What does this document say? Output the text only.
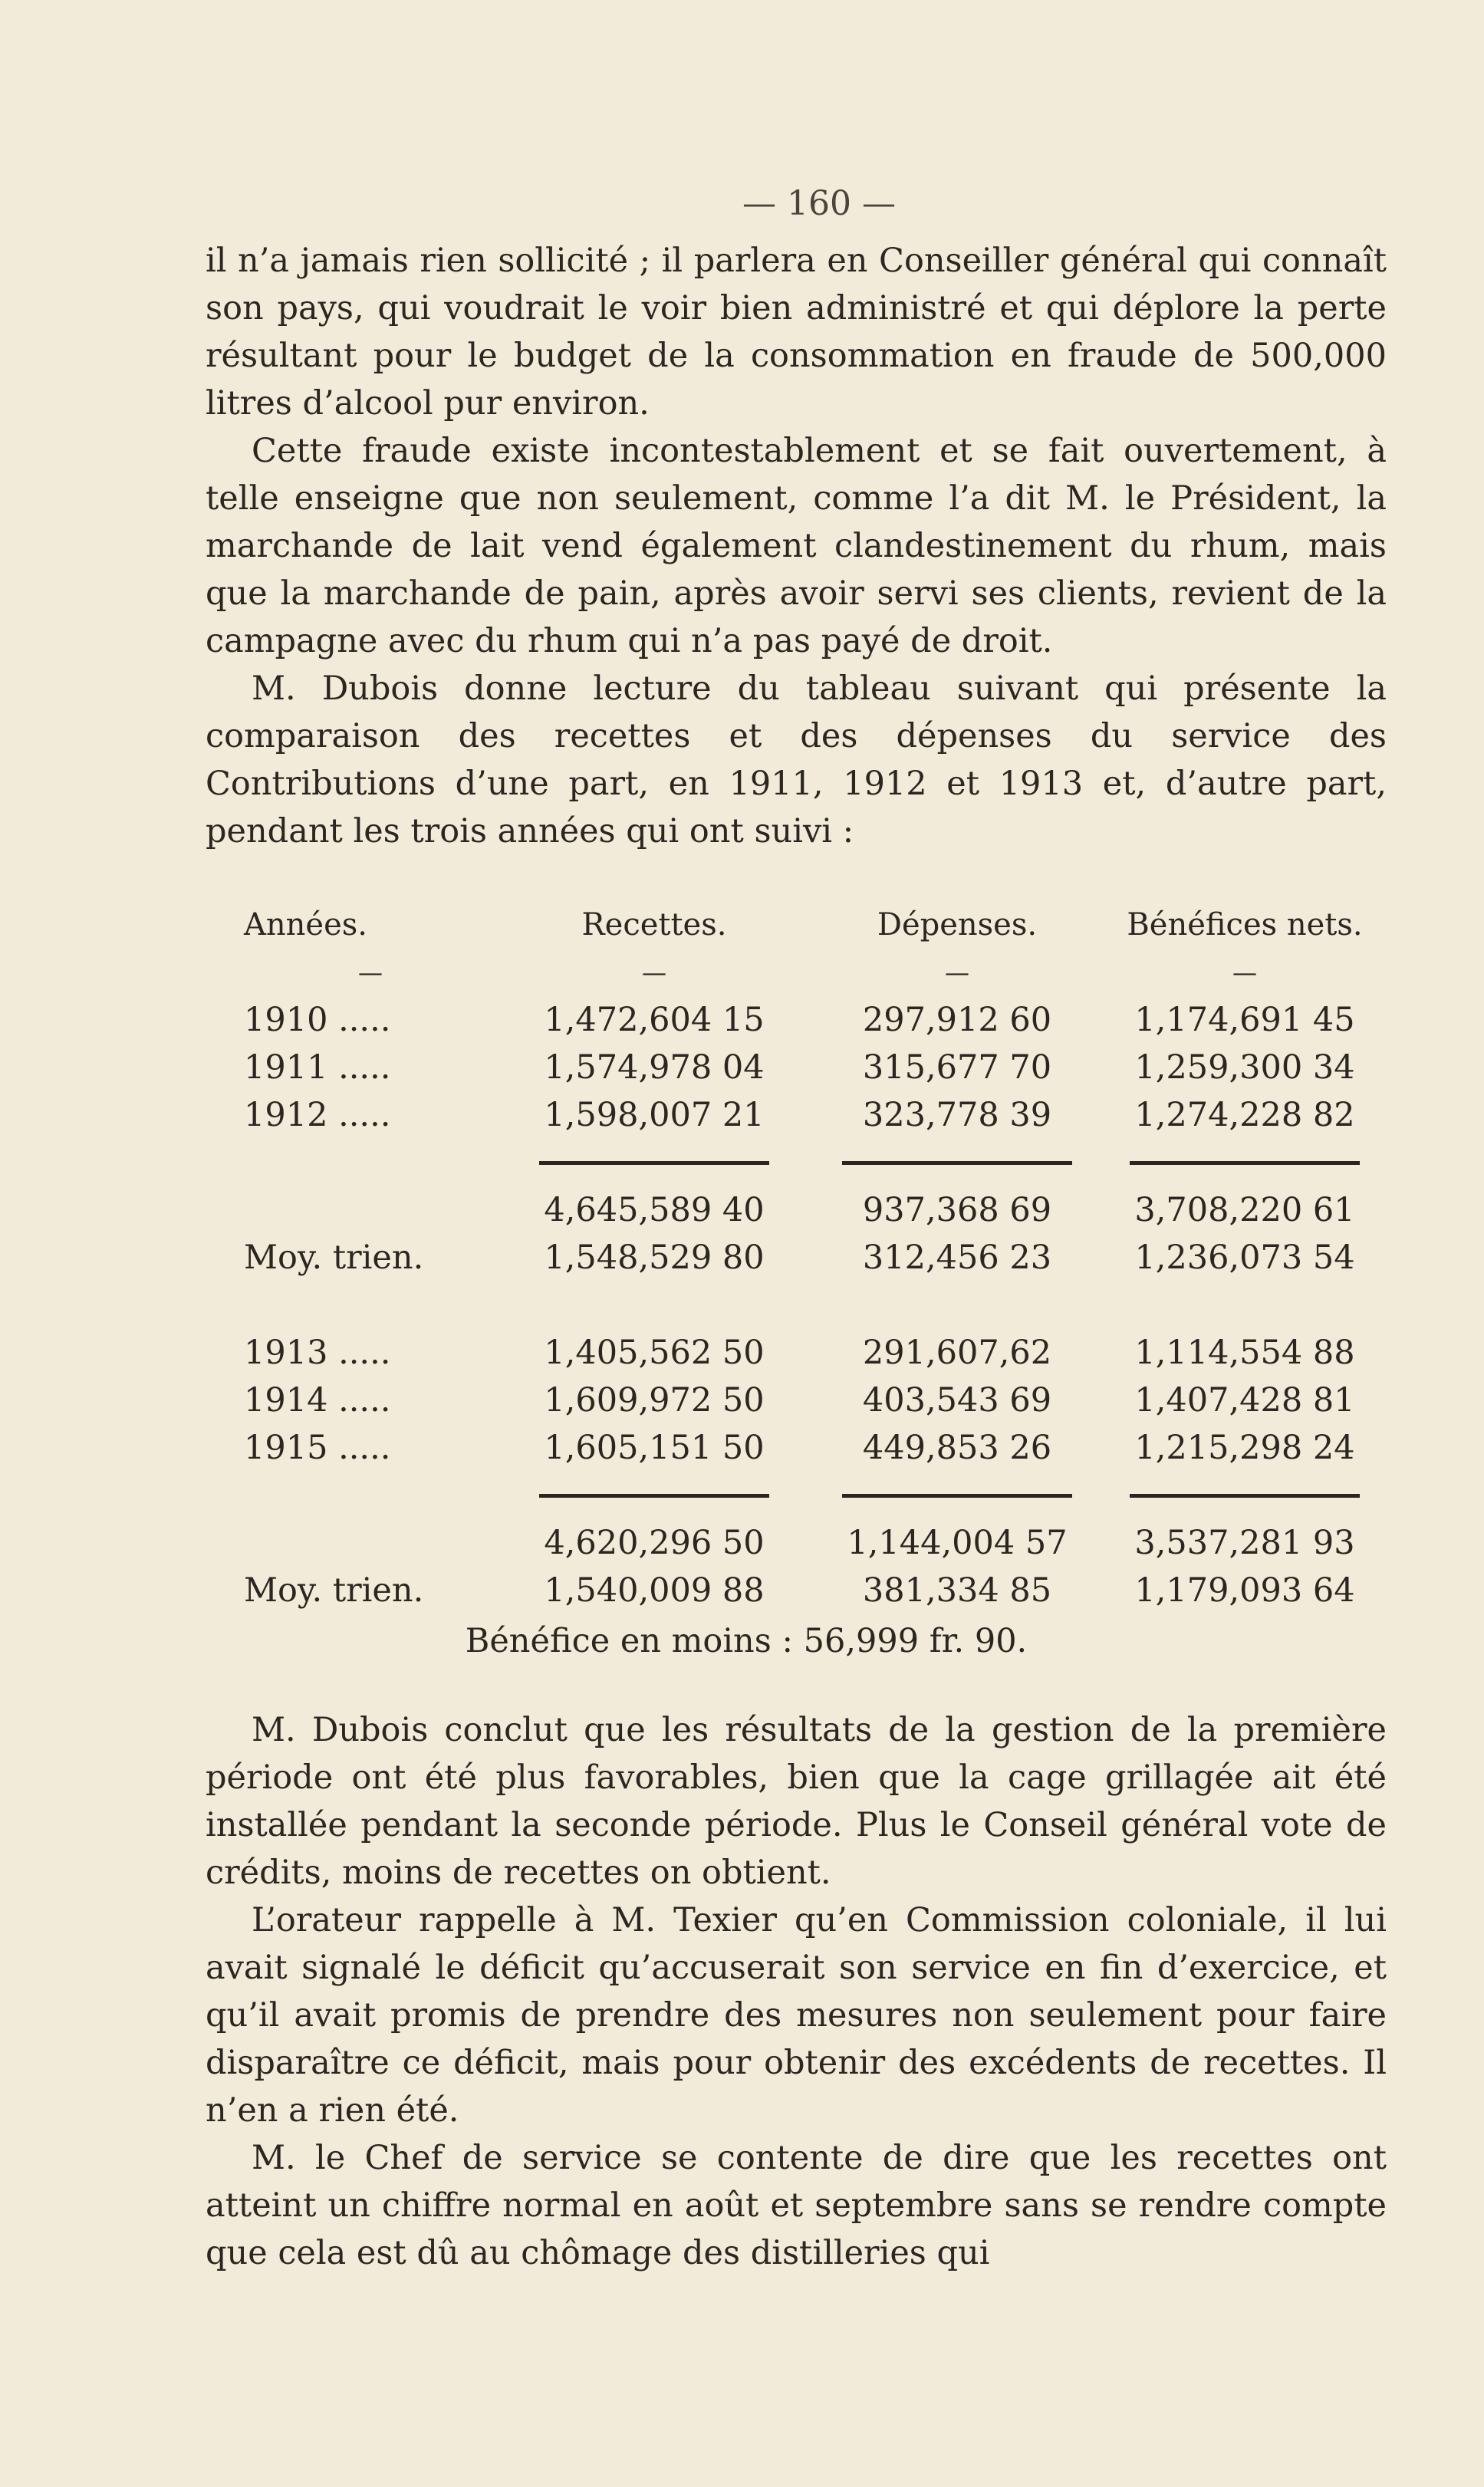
— 160 —

il n’a jamais rien sollicité ; il parlera en Conseiller général qui connaît son pays, qui voudrait le voir bien administré et qui déplore la perte résultant pour le budget de la consommation en fraude de 500,000 litres d’alcool pur environ.

Cette fraude existe incontestablement et se fait ouvertement, à telle enseigne que non seulement, comme l’a dit M. le Président, la marchande de lait vend également clandestinement du rhum, mais que la marchande de pain, après avoir servi ses clients, revient de la campagne avec du rhum qui n’a pas payé de droit.

M. Dubois donne lecture du tableau suivant qui présente la comparaison des recettes et des dépenses du service des Contributions d’une part, en 1911, 1912 et 1913 et, d’autre part, pendant les trois années qui ont suivi :

Années.	Recettes.	Dépenses.	Bénéfices nets.
—	—	—	—
1910 .....	1,472,604 15	297,912 60	1,174,691 45
1911 .....	1,574,978 04	315,677 70	1,259,300 34
1912 .....	1,598,007 21	323,778 39	1,274,228 82

	4,645,589 40	937,368 69	3,708,220 61
Moy. trien.	1,548,529 80	312,456 23	1,236,073 54

1913 .....	1,405,562 50	291,607,62	1,114,554 88
1914 .....	1,609,972 50	403,543 69	1,407,428 81
1915 .....	1,605,151 50	449,853 26	1,215,298 24

	4,620,296 50	1,144,004 57	3,537,281 93
Moy. trien.	1,540,009 88	381,334 85	1,179,093 64
Bénéfice en moins : 56,999 fr. 90.

M. Dubois conclut que les résultats de la gestion de la première période ont été plus favorables, bien que la cage grillagée ait été installée pendant la seconde période. Plus le Conseil général vote de crédits, moins de recettes on obtient.

L’orateur rappelle à M. Texier qu’en Commission coloniale, il lui avait signalé le déficit qu’accuserait son service en fin d’exercice, et qu’il avait promis de prendre des mesures non seulement pour faire disparaître ce déficit, mais pour obtenir des excédents de recettes. Il n’en a rien été.

M. le Chef de service se contente de dire que les recettes ont atteint un chiffre normal en août et septembre sans se rendre compte que cela est dû au chômage des distilleries qui
